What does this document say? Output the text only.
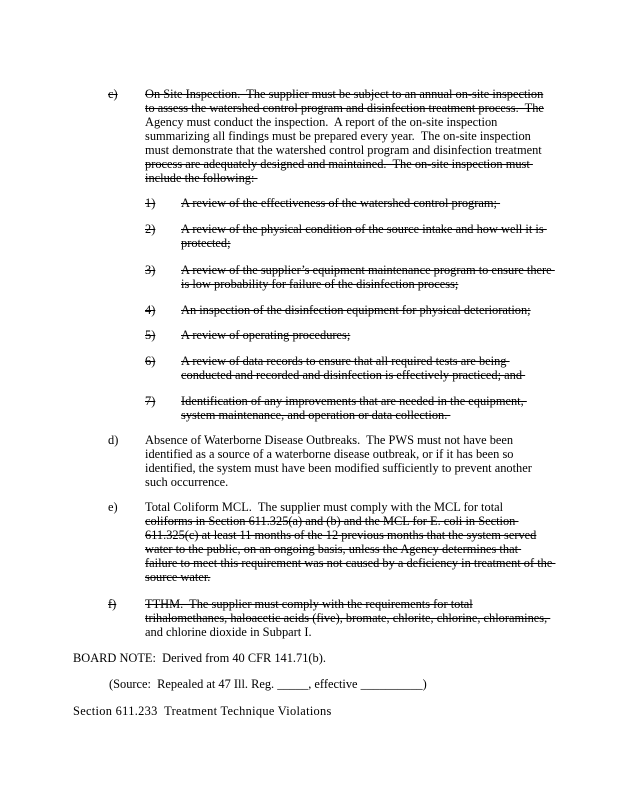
c) On Site Inspection.  The supplier must be subject to an annual on-site inspection
to assess the watershed control program and disinfection treatment process.  The
Agency must conduct the inspection.  A report of the on-site inspection
summarizing all findings must be prepared every year.  The on-site inspection
must demonstrate that the watershed control program and disinfection treatment
process are adequately designed and maintained.  The on-site inspection must
include the following:
1) A review of the effectiveness of the watershed control program;
2) A review of the physical condition of the source intake and how well it is
protected;
3) A review of the supplier’s equipment maintenance program to ensure there
is low probability for failure of the disinfection process;
4) An inspection of the disinfection equipment for physical deterioration;
5) A review of operating procedures;
6) A review of data records to ensure that all required tests are being
conducted and recorded and disinfection is effectively practiced; and
7) Identification of any improvements that are needed in the equipment,
system maintenance, and operation or data collection.
d) Absence of Waterborne Disease Outbreaks.  The PWS must not have been
identified as a source of a waterborne disease outbreak, or if it has been so
identified, the system must have been modified sufficiently to prevent another
such occurrence.
e) Total Coliform MCL.  The supplier must comply with the MCL for total
coliforms in Section 611.325(a) and (b) and the MCL for E. coli in Section
611.325(c) at least 11 months of the 12 previous months that the system served
water to the public, on an ongoing basis, unless the Agency determines that
failure to meet this requirement was not caused by a deficiency in treatment of the
source water.
f) TTHM.  The supplier must comply with the requirements for total
trihalomethanes, haloacetic acids (five), bromate, chlorite, chlorine, chloramines,
and chlorine dioxide in Subpart I.
BOARD NOTE:  Derived from 40 CFR 141.71(b).
(Source:  Repealed at 47 Ill. Reg. _____, effective __________)
Section 611.233  Treatment Technique Violations
